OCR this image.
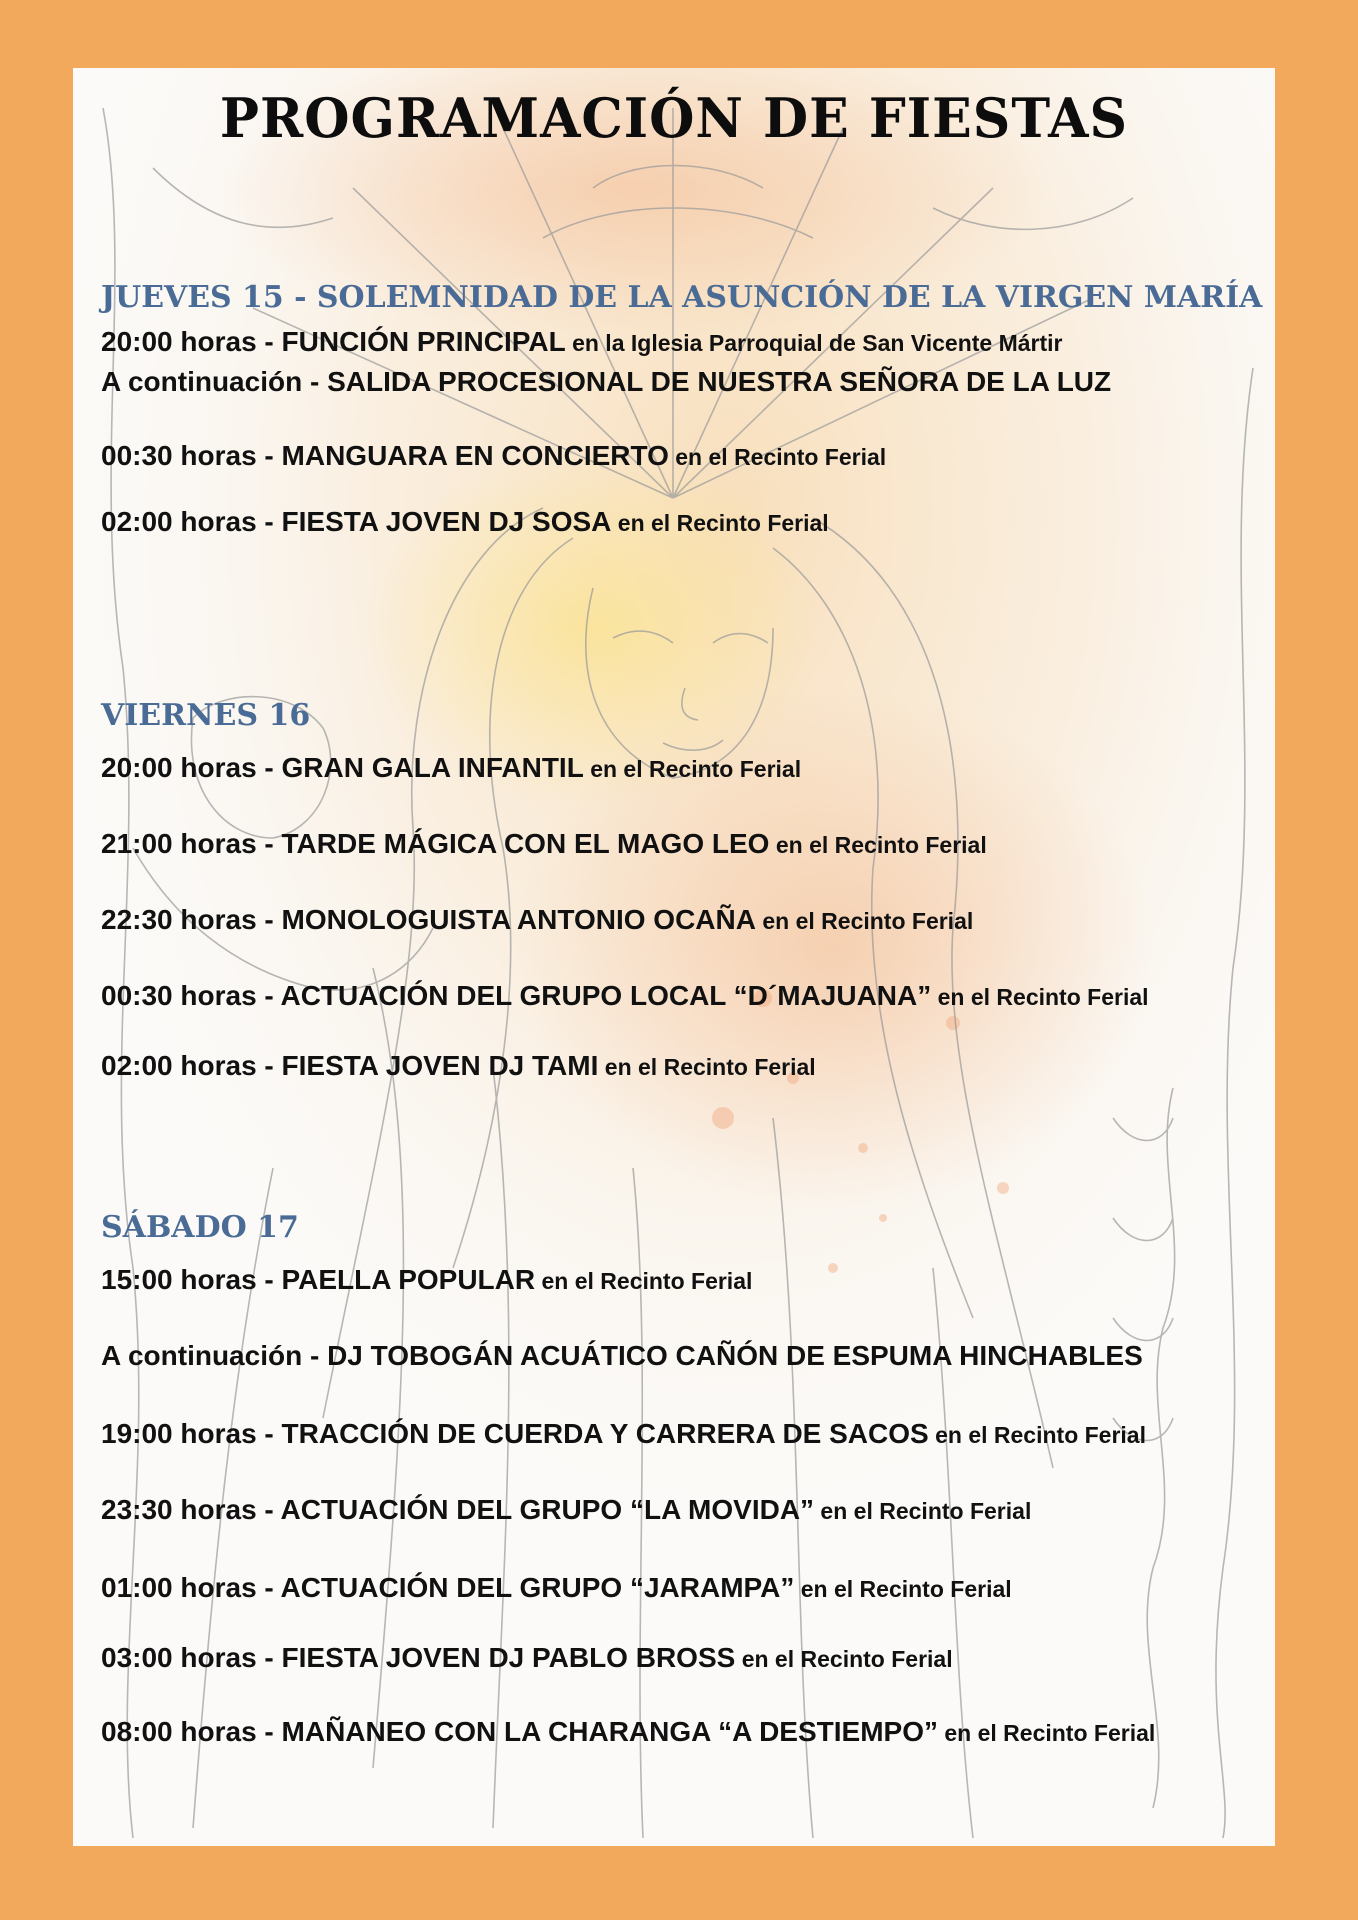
PROGRAMACIÓN DE FIESTAS
JUEVES 15 - SOLEMNIDAD DE LA ASUNCIÓN DE LA VIRGEN MARÍA
20:00 horas - FUNCIÓN PRINCIPAL en la Iglesia Parroquial de San Vicente Mártir
A continuación - SALIDA PROCESIONAL DE NUESTRA SEÑORA DE LA LUZ
00:30 horas - MANGUARA EN CONCIERTO en el Recinto Ferial
02:00 horas - FIESTA JOVEN DJ SOSA en el Recinto Ferial
VIERNES 16
20:00 horas - GRAN GALA INFANTIL en el Recinto Ferial
21:00 horas - TARDE MÁGICA CON EL MAGO LEO en el Recinto Ferial
22:30 horas - MONOLOGUISTA ANTONIO OCAÑA en el Recinto Ferial
00:30 horas - ACTUACIÓN DEL GRUPO LOCAL “D´MAJUANA” en el Recinto Ferial
02:00 horas - FIESTA JOVEN DJ TAMI en el Recinto Ferial
SÁBADO 17
15:00 horas - PAELLA POPULAR en el Recinto Ferial
A continuación - DJ TOBOGÁN ACUÁTICO CAÑÓN DE ESPUMA HINCHABLES
19:00 horas - TRACCIÓN DE CUERDA Y CARRERA DE SACOS en el Recinto Ferial
23:30 horas - ACTUACIÓN DEL GRUPO “LA MOVIDA” en el Recinto Ferial
01:00 horas - ACTUACIÓN DEL GRUPO “JARAMPA” en el Recinto Ferial
03:00 horas - FIESTA JOVEN DJ PABLO BROSS en el Recinto Ferial
08:00 horas - MAÑANEO CON LA CHARANGA “A DESTIEMPO” en el Recinto Ferial
